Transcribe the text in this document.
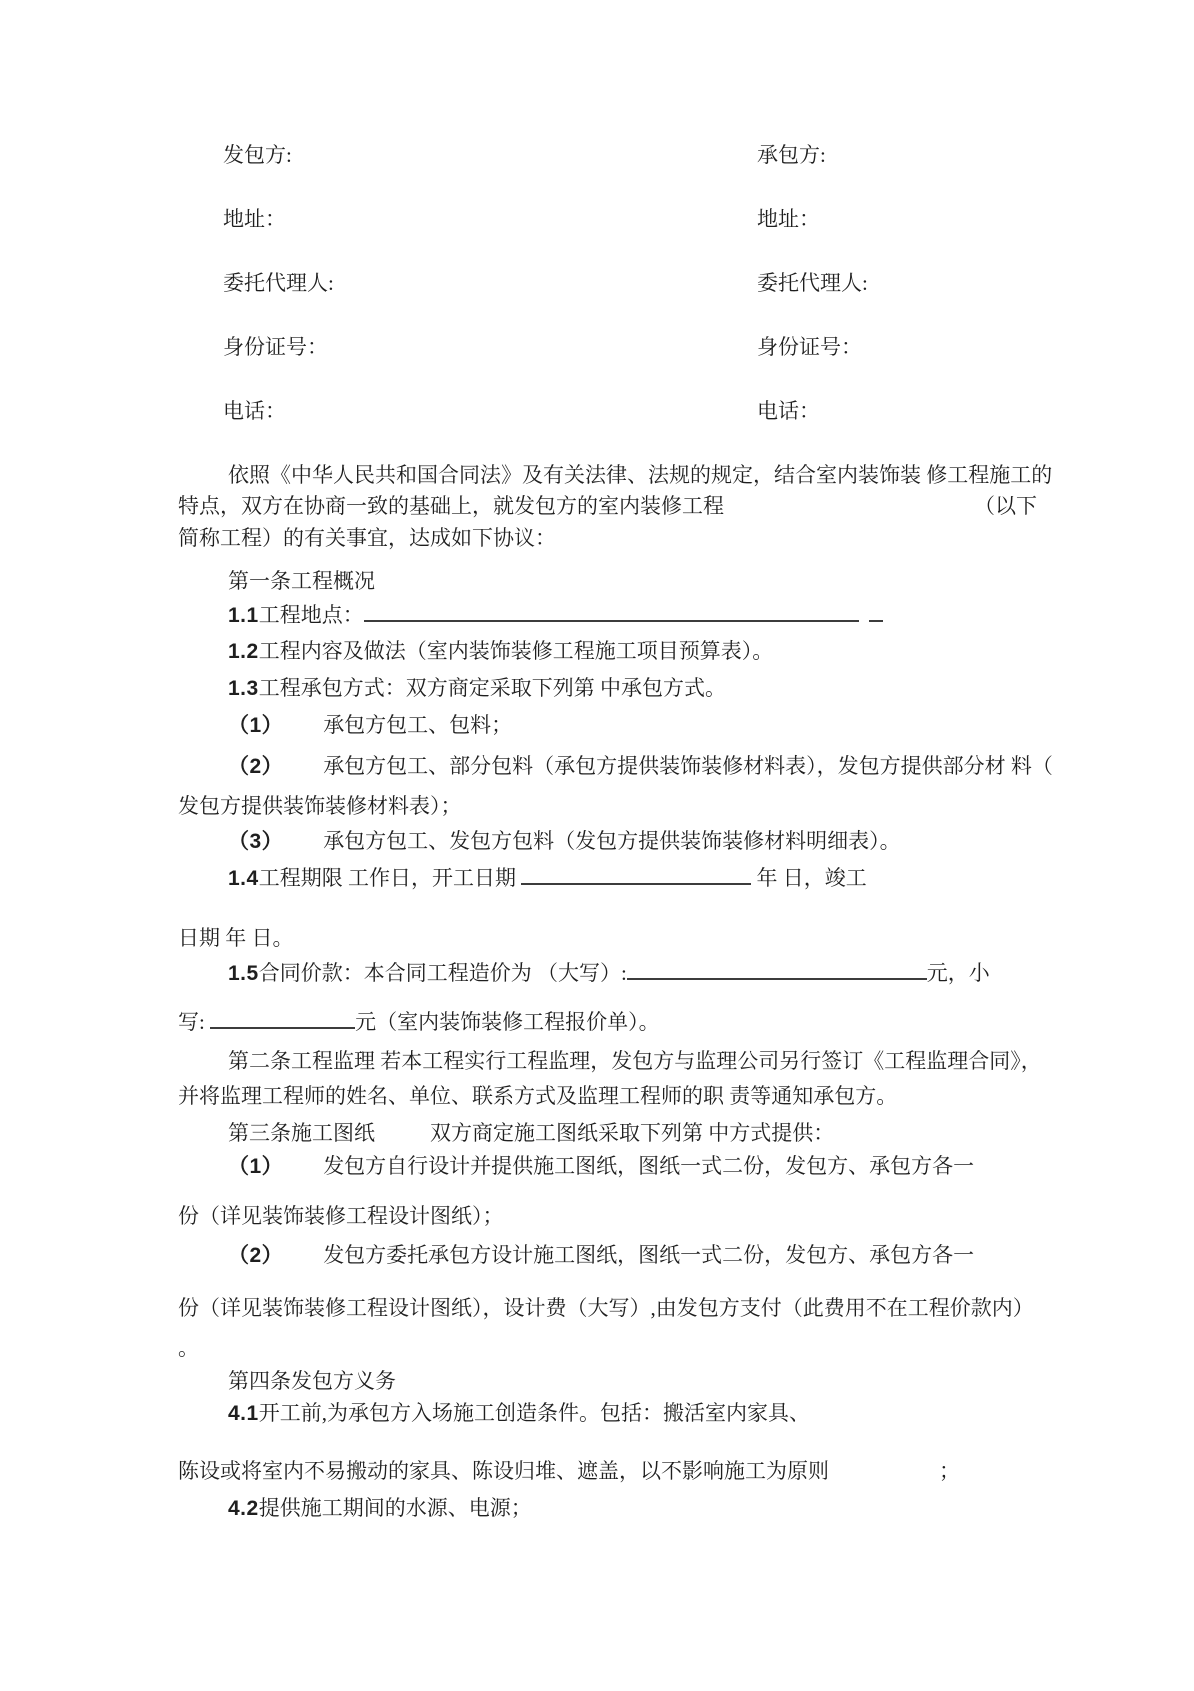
发包方:	承包方:
地址：	地址：
委托代理人:	委托代理人:
身份证号：	身份证号：
电话：	电话：
依照《中华人民共和国合同法》及有关法律、法规的规定，结合室内装饰装 修工程施工的
特点，双方在协商一致的基础上，就发包方的室内装修工程	（以下
简称工程）的有关事宜，达成如下协议：
第一条工程概况
1.1工程地点：
1.2工程内容及做法（室内装饰装修工程施工项目预算表）。
1.3工程承包方式：双方商定采取下列第 中承包方式。
（1） 承包方包工、包料；
（2） 承包方包工、部分包料（承包方提供装饰装修材料表），发包方提供部分材 料（
发包方提供装饰装修材料表）；
（3） 承包方包工、发包方包料（发包方提供装饰装修材料明细表）。
1.4工程期限 工作日，开工日期	年 日，竣工
日期 年 日。
1.5合同价款：本合同工程造价为 （大写）:	元，小
写:	元（室内装饰装修工程报价单）。
第二条工程监理 若本工程实行工程监理，发包方与监理公司另行签订《工程监理合同》，
并将监理工程师的姓名、单位、联系方式及监理工程师的职 责等通知承包方。
第三条施工图纸	双方商定施工图纸采取下列第 中方式提供：
（1） 发包方自行设计并提供施工图纸，图纸一式二份，发包方、承包方各一
份（详见装饰装修工程设计图纸）；
（2） 发包方委托承包方设计施工图纸，图纸一式二份，发包方、承包方各一
份（详见装饰装修工程设计图纸），设计费（大写）,由发包方支付（此费用不在工程价款内）
。
第四条发包方义务
4.1开工前,为承包方入场施工创造条件。包括：搬活室内家具、
陈设或将室内不易搬动的家具、陈设归堆、遮盖，以不影响施工为原则	；
4.2提供施工期间的水源、电源；
